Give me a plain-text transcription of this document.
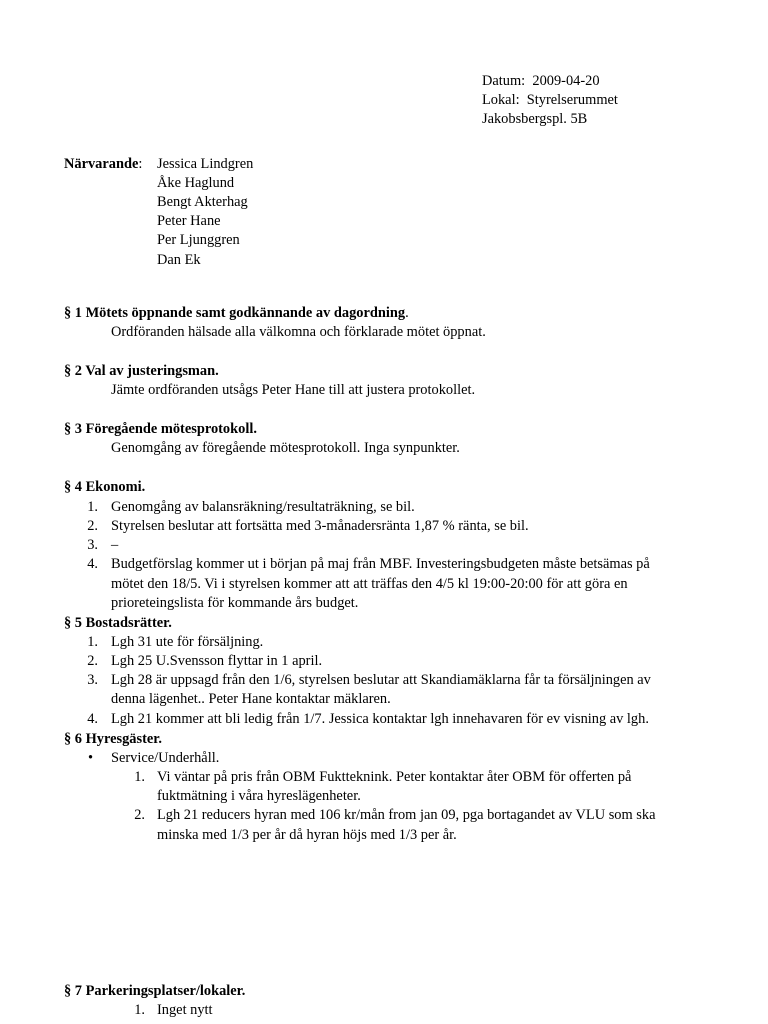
Datum: 2009-04-20
Lokal: Styrelserummet
Jakobsbergspl. 5B
Närvarande: Jessica Lindgren
Åke Haglund
Bengt Akterhag
Peter Hane
Per Ljunggren
Dan Ek
§ 1 Mötets öppnande samt godkännande av dagordning.
Ordföranden hälsade alla välkomna och förklarade mötet öppnat.
§ 2 Val av justeringsman.
Jämte ordföranden utsågs Peter Hane till att justera protokollet.
§ 3 Föregående mötesprotokoll.
Genomgång av föregående mötesprotokoll. Inga synpunkter.
§ 4 Ekonomi.
1. Genomgång av balansräkning/resultaträkning, se bil.
2. Styrelsen beslutar att fortsätta med 3-månadersränta 1,87 % ränta, se bil.
3. –
4. Budgetförslag kommer ut i början på maj från MBF. Investeringsbudgeten måste betsämas på
mötet den 18/5. Vi i styrelsen kommer att att träffas den 4/5 kl 19:00-20:00 för att göra en
prioreteingslista för kommande års budget.
§ 5 Bostadsrätter.
1. Lgh 31 ute för försäljning.
2. Lgh 25 U.Svensson flyttar in 1 april.
3. Lgh 28 är uppsagd från den 1/6, styrelsen beslutar att Skandiamäklarna får ta försäljningen av
denna lägenhet.. Peter Hane kontaktar mäklaren.
4. Lgh 21 kommer att bli ledig från 1/7. Jessica kontaktar lgh innehavaren för ev visning av lgh.
§ 6 Hyresgäster.
• Service/Underhåll.
1. Vi väntar på pris från OBM Fuktteknink. Peter kontaktar åter OBM för offerten på
fuktmätning i våra hyreslägenheter.
2. Lgh 21 reducers hyran med 106 kr/mån from jan 09, pga bortagandet av VLU som ska
minska med 1/3 per år då hyran höjs med 1/3 per år.
§ 7 Parkeringsplatser/lokaler.
1. Inget nytt
